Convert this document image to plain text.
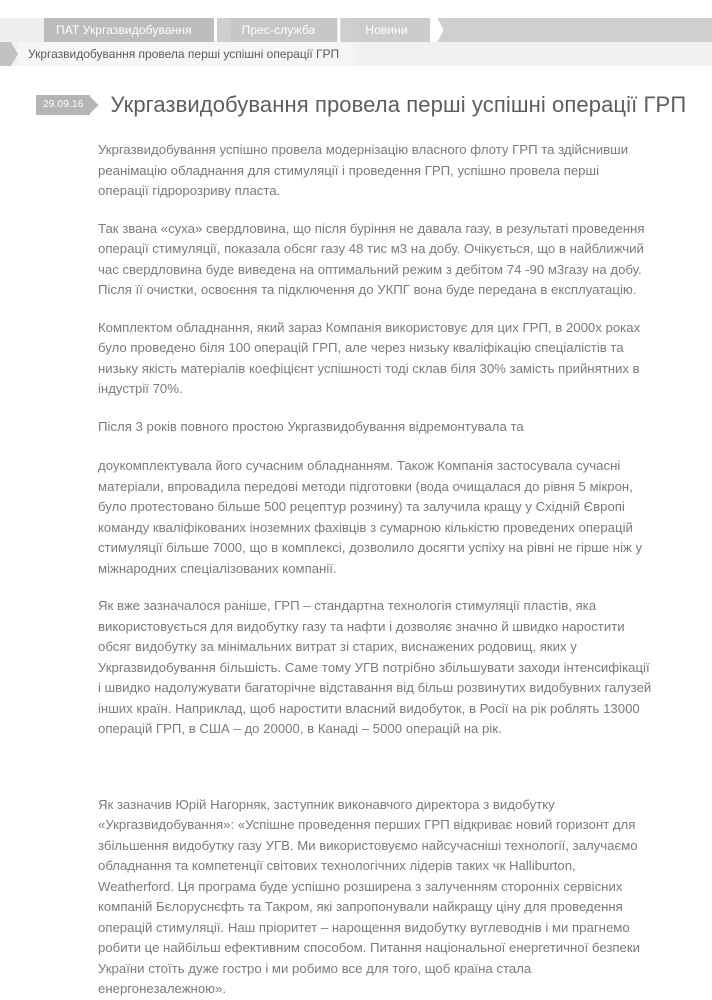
ПАТ Укргазвидобування	Прес-служба	Новини
Укргазвидобування провела перші успішні операції ГРП
29.09.16 Укргазвидобування провела перші успішні операції ГРП

Укргазвидобування успішно провела модернізацію власного флоту ГРП та здійснивши реанімацію обладнання для стимуляції і проведення ГРП, успішно провела перші операції гідророзриву пласта.

Так звана «суха» свердловина, що після буріння не давала газу, в результаті проведення операції стимуляції, показала обсяг газу 48 тис м3 на добу. Очікується, що в найближчий час свердловина буде виведена на оптимальний режим з дебітом 74 -90 м3газу на добу. Після її очистки, освоєння та підключення до УКПГ вона буде передана в експлуатацію.

Комплектом обладнання, який зараз Компанія використовує для цих ГРП, в 2000х роках було проведено біля 100 операцій ГРП, але через низьку кваліфікацію спеціалістів та низьку якість матеріалів коефіцієнт успішності тоді склав біля 30% замість прийнятних в індустрії 70%.

Після 3 років повного простою Укргазвидобування відремонтувала та

доукомплектувала його сучасним обладнанням. Також Компанія застосувала сучасні матеріали, впровадила передові методи підготовки (вода очищалася до рівня 5 мікрон, було протестовано більше 500 рецептур розчину) та залучила кращу у Східній Європі команду кваліфікованих іноземних фахівців з сумарною кількістю проведених операцій стимуляції більше 7000, що в комплексі, дозволило досягти успіху на рівні не гірше ніж у міжнародних спеціалізованих компанії.

Як вже зазначалося раніше, ГРП – стандартна технологія стимуляції пластів, яка використовується для видобутку газу та нафти і дозволяє значно й швидко наростити обсяг видобутку за мінімальних витрат зі старих, виснажених родовищ, яких у Укргазвидобування більшість. Саме тому УГВ потрібно збільшувати заходи інтенсифікації і швидко надолужувати багаторічне відставання від більш розвинутих видобувних галузей інших країн. Наприклад, щоб наростити власний видобуток, в Росії на рік роблять 13000 операцій ГРП, в США – до 20000, в Канаді – 5000 операцій на рік.

Як зазначив Юрій Нагорняк, заступник виконавчого директора з видобутку «Укргазвидобування»: «Успішне проведення перших ГРП відкриває новий горизонт для збільшення видобутку газу УГВ. Ми використовуємо найсучасніші технології, залучаємо обладнання та компетенції світових технологічних лідерів таких чк Halliburton, Weatherford. Ця програма буде успішно розширена з залученням сторонніх сервісних компаній Бєлоруснєфть та Такром, які запропонували найкращу ціну для проведення операцій стимуляції. Наш пріоритет – нарощення видобутку вуглеводнів і ми прагнемо робити це найбільш ефективним способом. Питання національної енергетичної безпеки України стоїть дуже гостро і ми робимо все для того, щоб країна стала енергонезалежною».
